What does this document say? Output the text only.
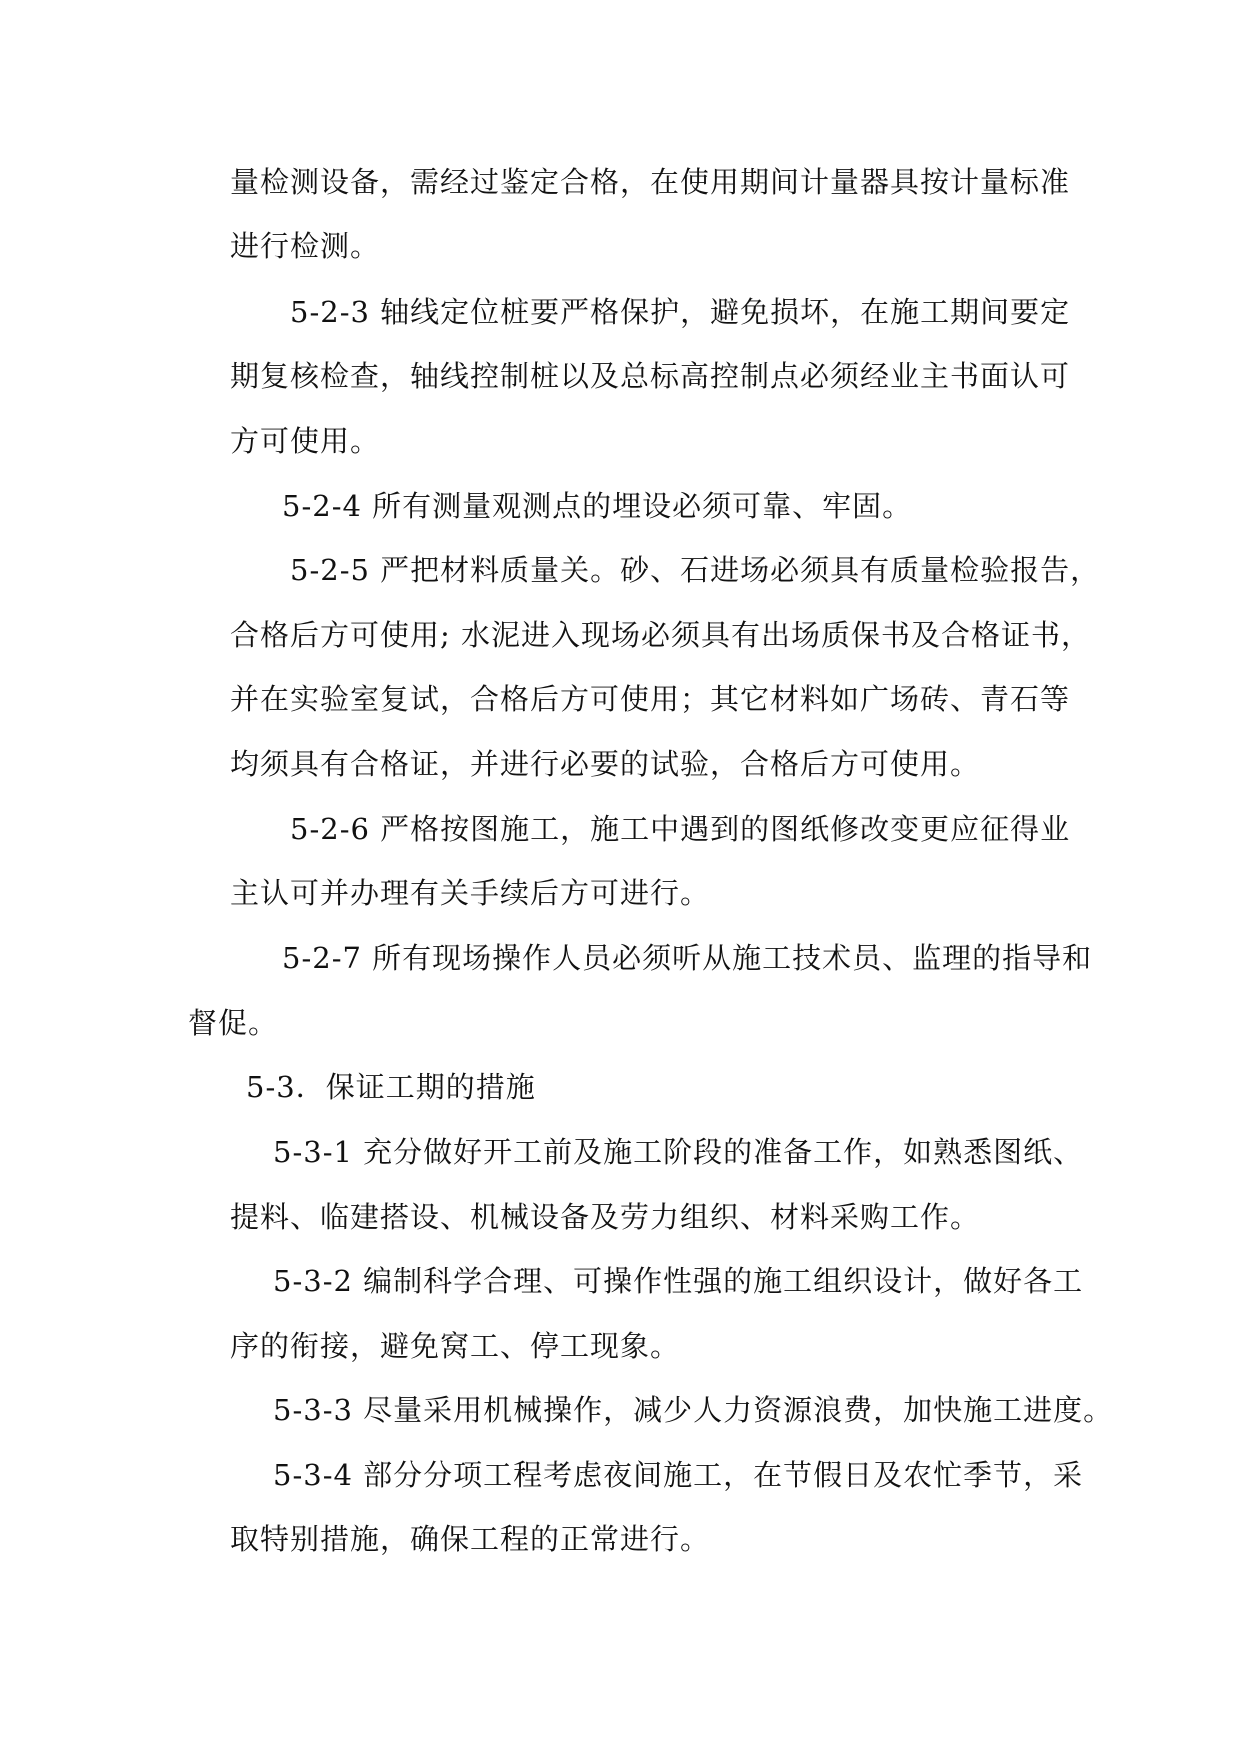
量检测设备，需经过鉴定合格，在使用期间计量器具按计量标准
进行检测。
5-2-3 轴线定位桩要严格保护，避免损坏，在施工期间要定
期复核检查，轴线控制桩以及总标高控制点必须经业主书面认可
方可使用。
5-2-4 所有测量观测点的埋设必须可靠、牢固。
5-2-5 严把材料质量关。砂、石进场必须具有质量检验报告，
合格后方可使用; 水泥进入现场必须具有出场质保书及合格证书，
并在实验室复试，合格后方可使用；其它材料如广场砖、青石等
均须具有合格证，并进行必要的试验，合格后方可使用。
5-2-6 严格按图施工，施工中遇到的图纸修改变更应征得业
主认可并办理有关手续后方可进行。
5-2-7 所有现场操作人员必须听从施工技术员、监理的指导和
督促。
5-3．保证工期的措施
5-3-1 充分做好开工前及施工阶段的准备工作，如熟悉图纸、
提料、临建搭设、机械设备及劳力组织、材料采购工作。
5-3-2 编制科学合理、可操作性强的施工组织设计，做好各工
序的衔接，避免窝工、停工现象。
5-3-3 尽量采用机械操作，减少人力资源浪费，加快施工进度。
5-3-4 部分分项工程考虑夜间施工，在节假日及农忙季节，采
取特别措施，确保工程的正常进行。
